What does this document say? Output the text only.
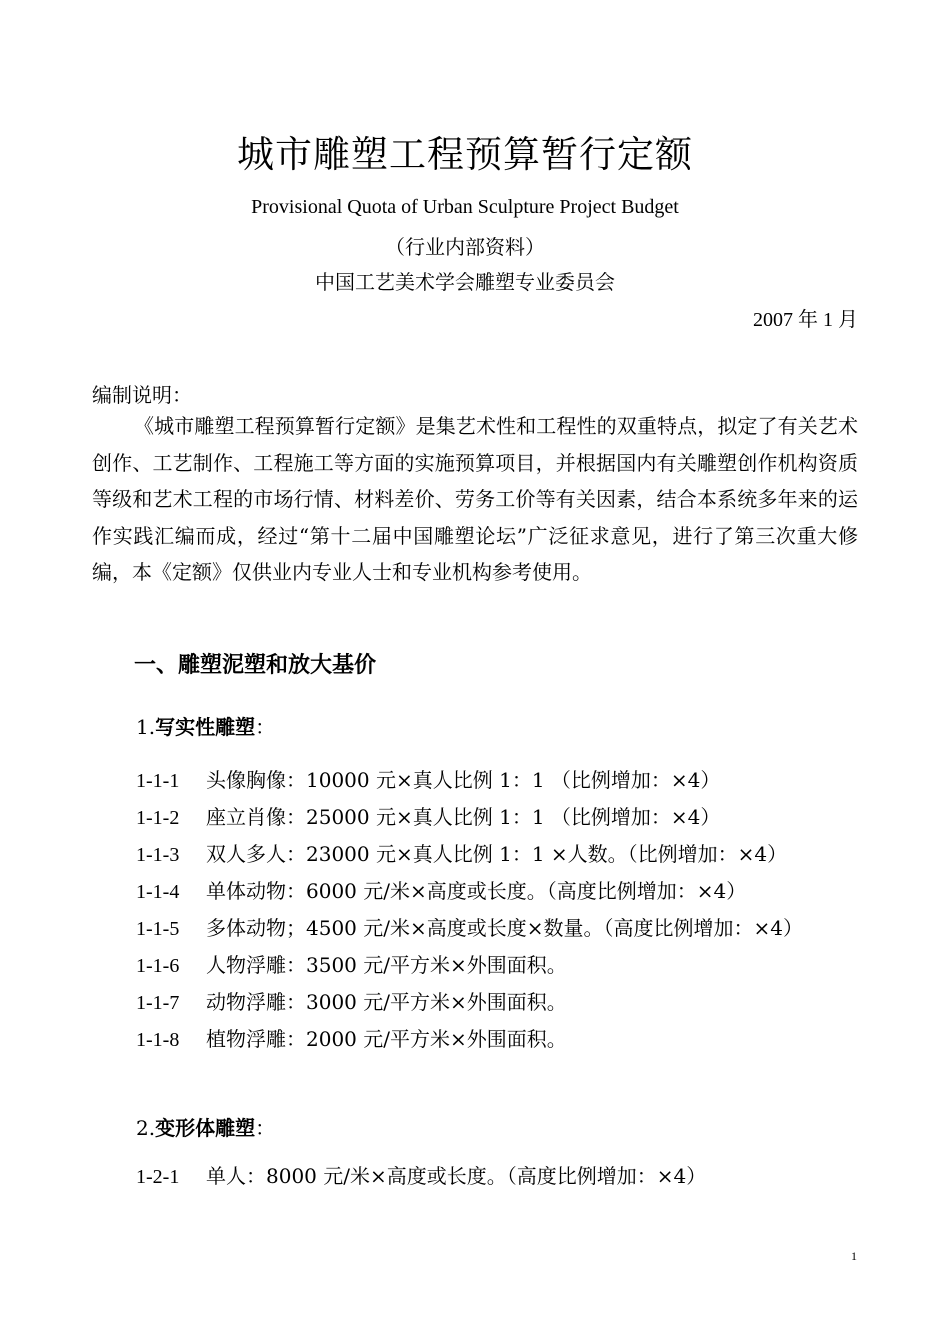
城市雕塑工程预算暂行定额
Provisional Quota of Urban Sculpture Project Budget
（行业内部资料）
中国工艺美术学会雕塑专业委员会
2007 年 1 月
编制说明：
《城市雕塑工程预算暂行定额》是集艺术性和工程性的双重特点，拟定了有关艺术创作、工艺制作、工程施工等方面的实施预算项目，并根据国内有关雕塑创作机构资质等级和艺术工程的市场行情、材料差价、劳务工价等有关因素，结合本系统多年来的运作实践汇编而成，经过“第十二届中国雕塑论坛”广泛征求意见，进行了第三次重大修编，本《定额》仅供业内专业人士和专业机构参考使用。
一、雕塑泥塑和放大基价
1.写实性雕塑：
1-1-1 头像胸像：10000 元×真人比例 1：1 （比例增加：×4）
1-1-2 座立肖像：25000 元×真人比例 1：1 （比例增加：×4）
1-1-3 双人多人：23000 元×真人比例 1：1 ×人数。（比例增加：×4）
1-1-4 单体动物：6000 元/米×高度或长度。（高度比例增加：×4）
1-1-5 多体动物；4500 元/米×高度或长度×数量。（高度比例增加：×4）
1-1-6 人物浮雕：3500 元/平方米×外围面积。
1-1-7 动物浮雕：3000 元/平方米×外围面积。
1-1-8 植物浮雕：2000 元/平方米×外围面积。
2.变形体雕塑：
1-2-1 单人：8000 元/米×高度或长度。（高度比例增加：×4）
1
